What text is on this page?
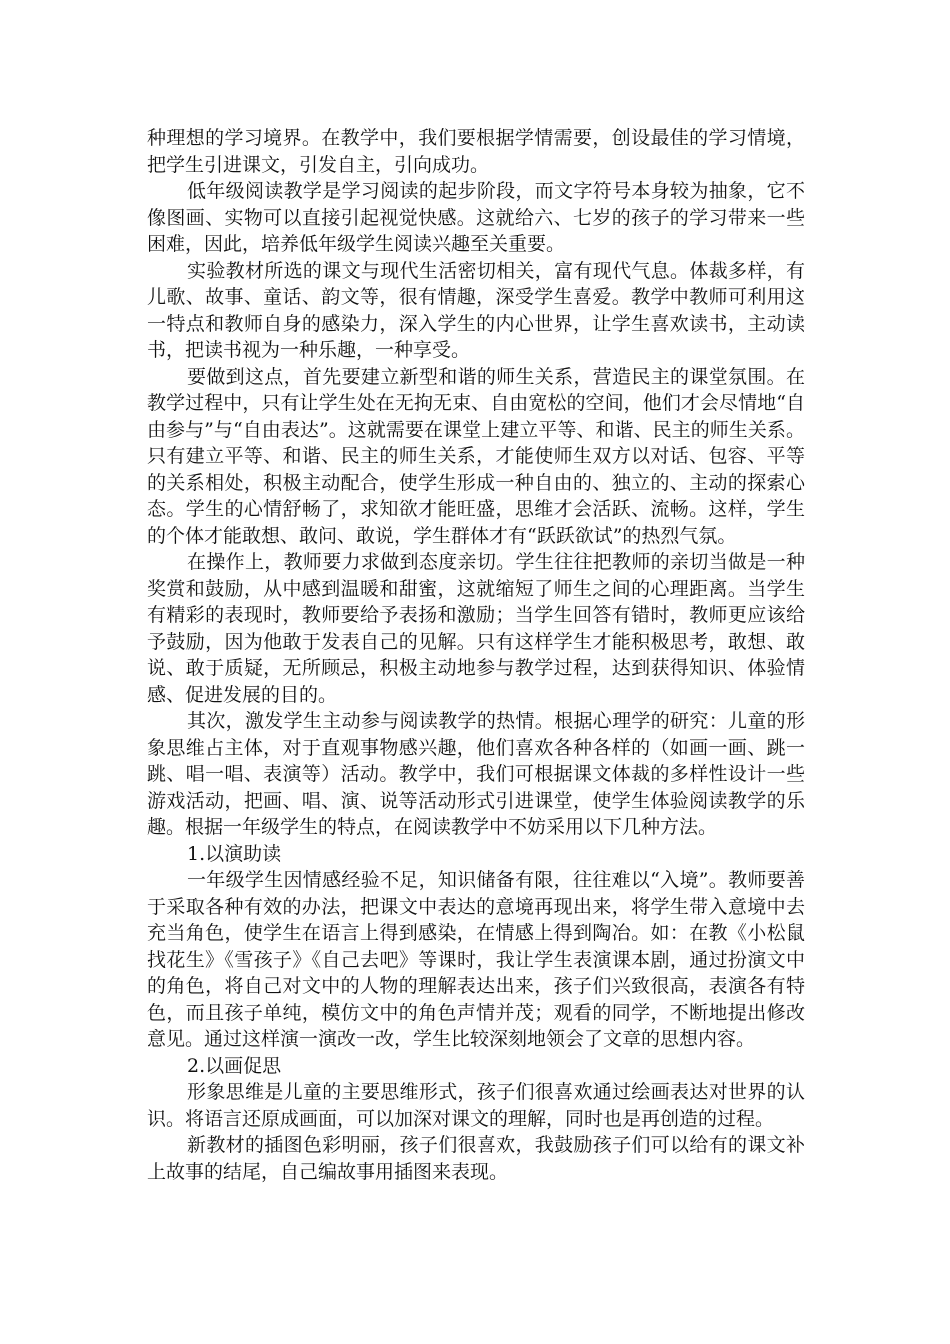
种理想的学习境界。在教学中，我们要根据学情需要，创设最佳的学习情境，把学生引进课文，引发自主，引向成功。

低年级阅读教学是学习阅读的起步阶段，而文字符号本身较为抽象，它不像图画、实物可以直接引起视觉快感。这就给六、七岁的孩子的学习带来一些困难，因此，培养低年级学生阅读兴趣至关重要。

实验教材所选的课文与现代生活密切相关，富有现代气息。体裁多样，有儿歌、故事、童话、韵文等，很有情趣，深受学生喜爱。教学中教师可利用这一特点和教师自身的感染力，深入学生的内心世界，让学生喜欢读书，主动读书，把读书视为一种乐趣，一种享受。

要做到这点，首先要建立新型和谐的师生关系，营造民主的课堂氛围。在教学过程中，只有让学生处在无拘无束、自由宽松的空间，他们才会尽情地“自由参与”与“自由表达”。这就需要在课堂上建立平等、和谐、民主的师生关系。只有建立平等、和谐、民主的师生关系，才能使师生双方以对话、包容、平等的关系相处，积极主动配合，使学生形成一种自由的、独立的、主动的探索心态。学生的心情舒畅了，求知欲才能旺盛，思维才会活跃、流畅。这样，学生的个体才能敢想、敢问、敢说，学生群体才有“跃跃欲试”的热烈气氛。

在操作上，教师要力求做到态度亲切。学生往往把教师的亲切当做是一种奖赏和鼓励，从中感到温暖和甜蜜，这就缩短了师生之间的心理距离。当学生有精彩的表现时，教师要给予表扬和激励；当学生回答有错时，教师更应该给予鼓励，因为他敢于发表自己的见解。只有这样学生才能积极思考，敢想、敢说、敢于质疑，无所顾忌，积极主动地参与教学过程，达到获得知识、体验情感、促进发展的目的。

其次，激发学生主动参与阅读教学的热情。根据心理学的研究：儿童的形象思维占主体，对于直观事物感兴趣，他们喜欢各种各样的（如画一画、跳一跳、唱一唱、表演等）活动。教学中，我们可根据课文体裁的多样性设计一些游戏活动，把画、唱、演、说等活动形式引进课堂，使学生体验阅读教学的乐趣。根据一年级学生的特点，在阅读教学中不妨采用以下几种方法。

1.以演助读

一年级学生因情感经验不足，知识储备有限，往往难以“入境”。教师要善于采取各种有效的办法，把课文中表达的意境再现出来，将学生带入意境中去充当角色，使学生在语言上得到感染，在情感上得到陶冶。如：在教《小松鼠找花生》《雪孩子》《自己去吧》等课时，我让学生表演课本剧，通过扮演文中的角色，将自己对文中的人物的理解表达出来，孩子们兴致很高，表演各有特色，而且孩子单纯，模仿文中的角色声情并茂；观看的同学，不断地提出修改意见。通过这样演一演改一改，学生比较深刻地领会了文章的思想内容。

2.以画促思

形象思维是儿童的主要思维形式，孩子们很喜欢通过绘画表达对世界的认识。将语言还原成画面，可以加深对课文的理解，同时也是再创造的过程。

新教材的插图色彩明丽，孩子们很喜欢，我鼓励孩子们可以给有的课文补上故事的结尾，自己编故事用插图来表现。
